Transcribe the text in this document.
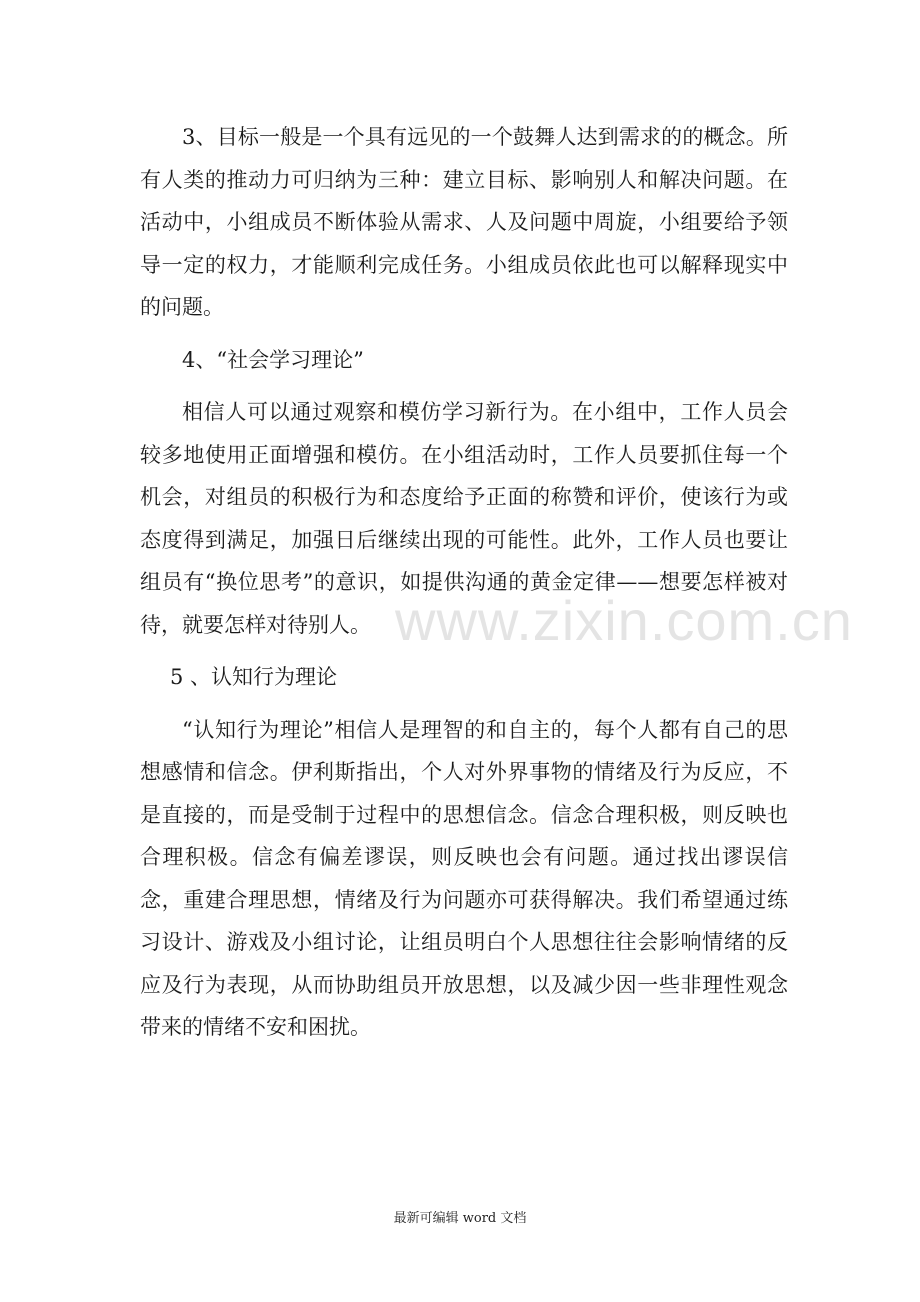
3、目标一般是一个具有远见的一个鼓舞人达到需求的的概念。所有人类的推动力可归纳为三种：建立目标、影响别人和解决问题。在活动中，小组成员不断体验从需求、人及问题中周旋，小组要给予领导一定的权力，才能顺利完成任务。小组成员依此也可以解释现实中的问题。

4、“社会学习理论”

相信人可以通过观察和模仿学习新行为。在小组中，工作人员会较多地使用正面增强和模仿。在小组活动时，工作人员要抓住每一个机会，对组员的积极行为和态度给予正面的称赞和评价，使该行为或态度得到满足，加强日后继续出现的可能性。此外，工作人员也要让组员有“换位思考”的意识，如提供沟通的黄金定律——想要怎样被对待，就要怎样对待别人。

5 、认知行为理论

“认知行为理论”相信人是理智的和自主的，每个人都有自己的思想感情和信念。伊利斯指出，个人对外界事物的情绪及行为反应，不是直接的，而是受制于过程中的思想信念。信念合理积极，则反映也合理积极。信念有偏差谬误，则反映也会有问题。通过找出谬误信念，重建合理思想，情绪及行为问题亦可获得解决。我们希望通过练习设计、游戏及小组讨论，让组员明白个人思想往往会影响情绪的反应及行为表现，从而协助组员开放思想，以及减少因一些非理性观念带来的情绪不安和困扰。

www.zixin.com.cn
最新可编辑 word 文档
